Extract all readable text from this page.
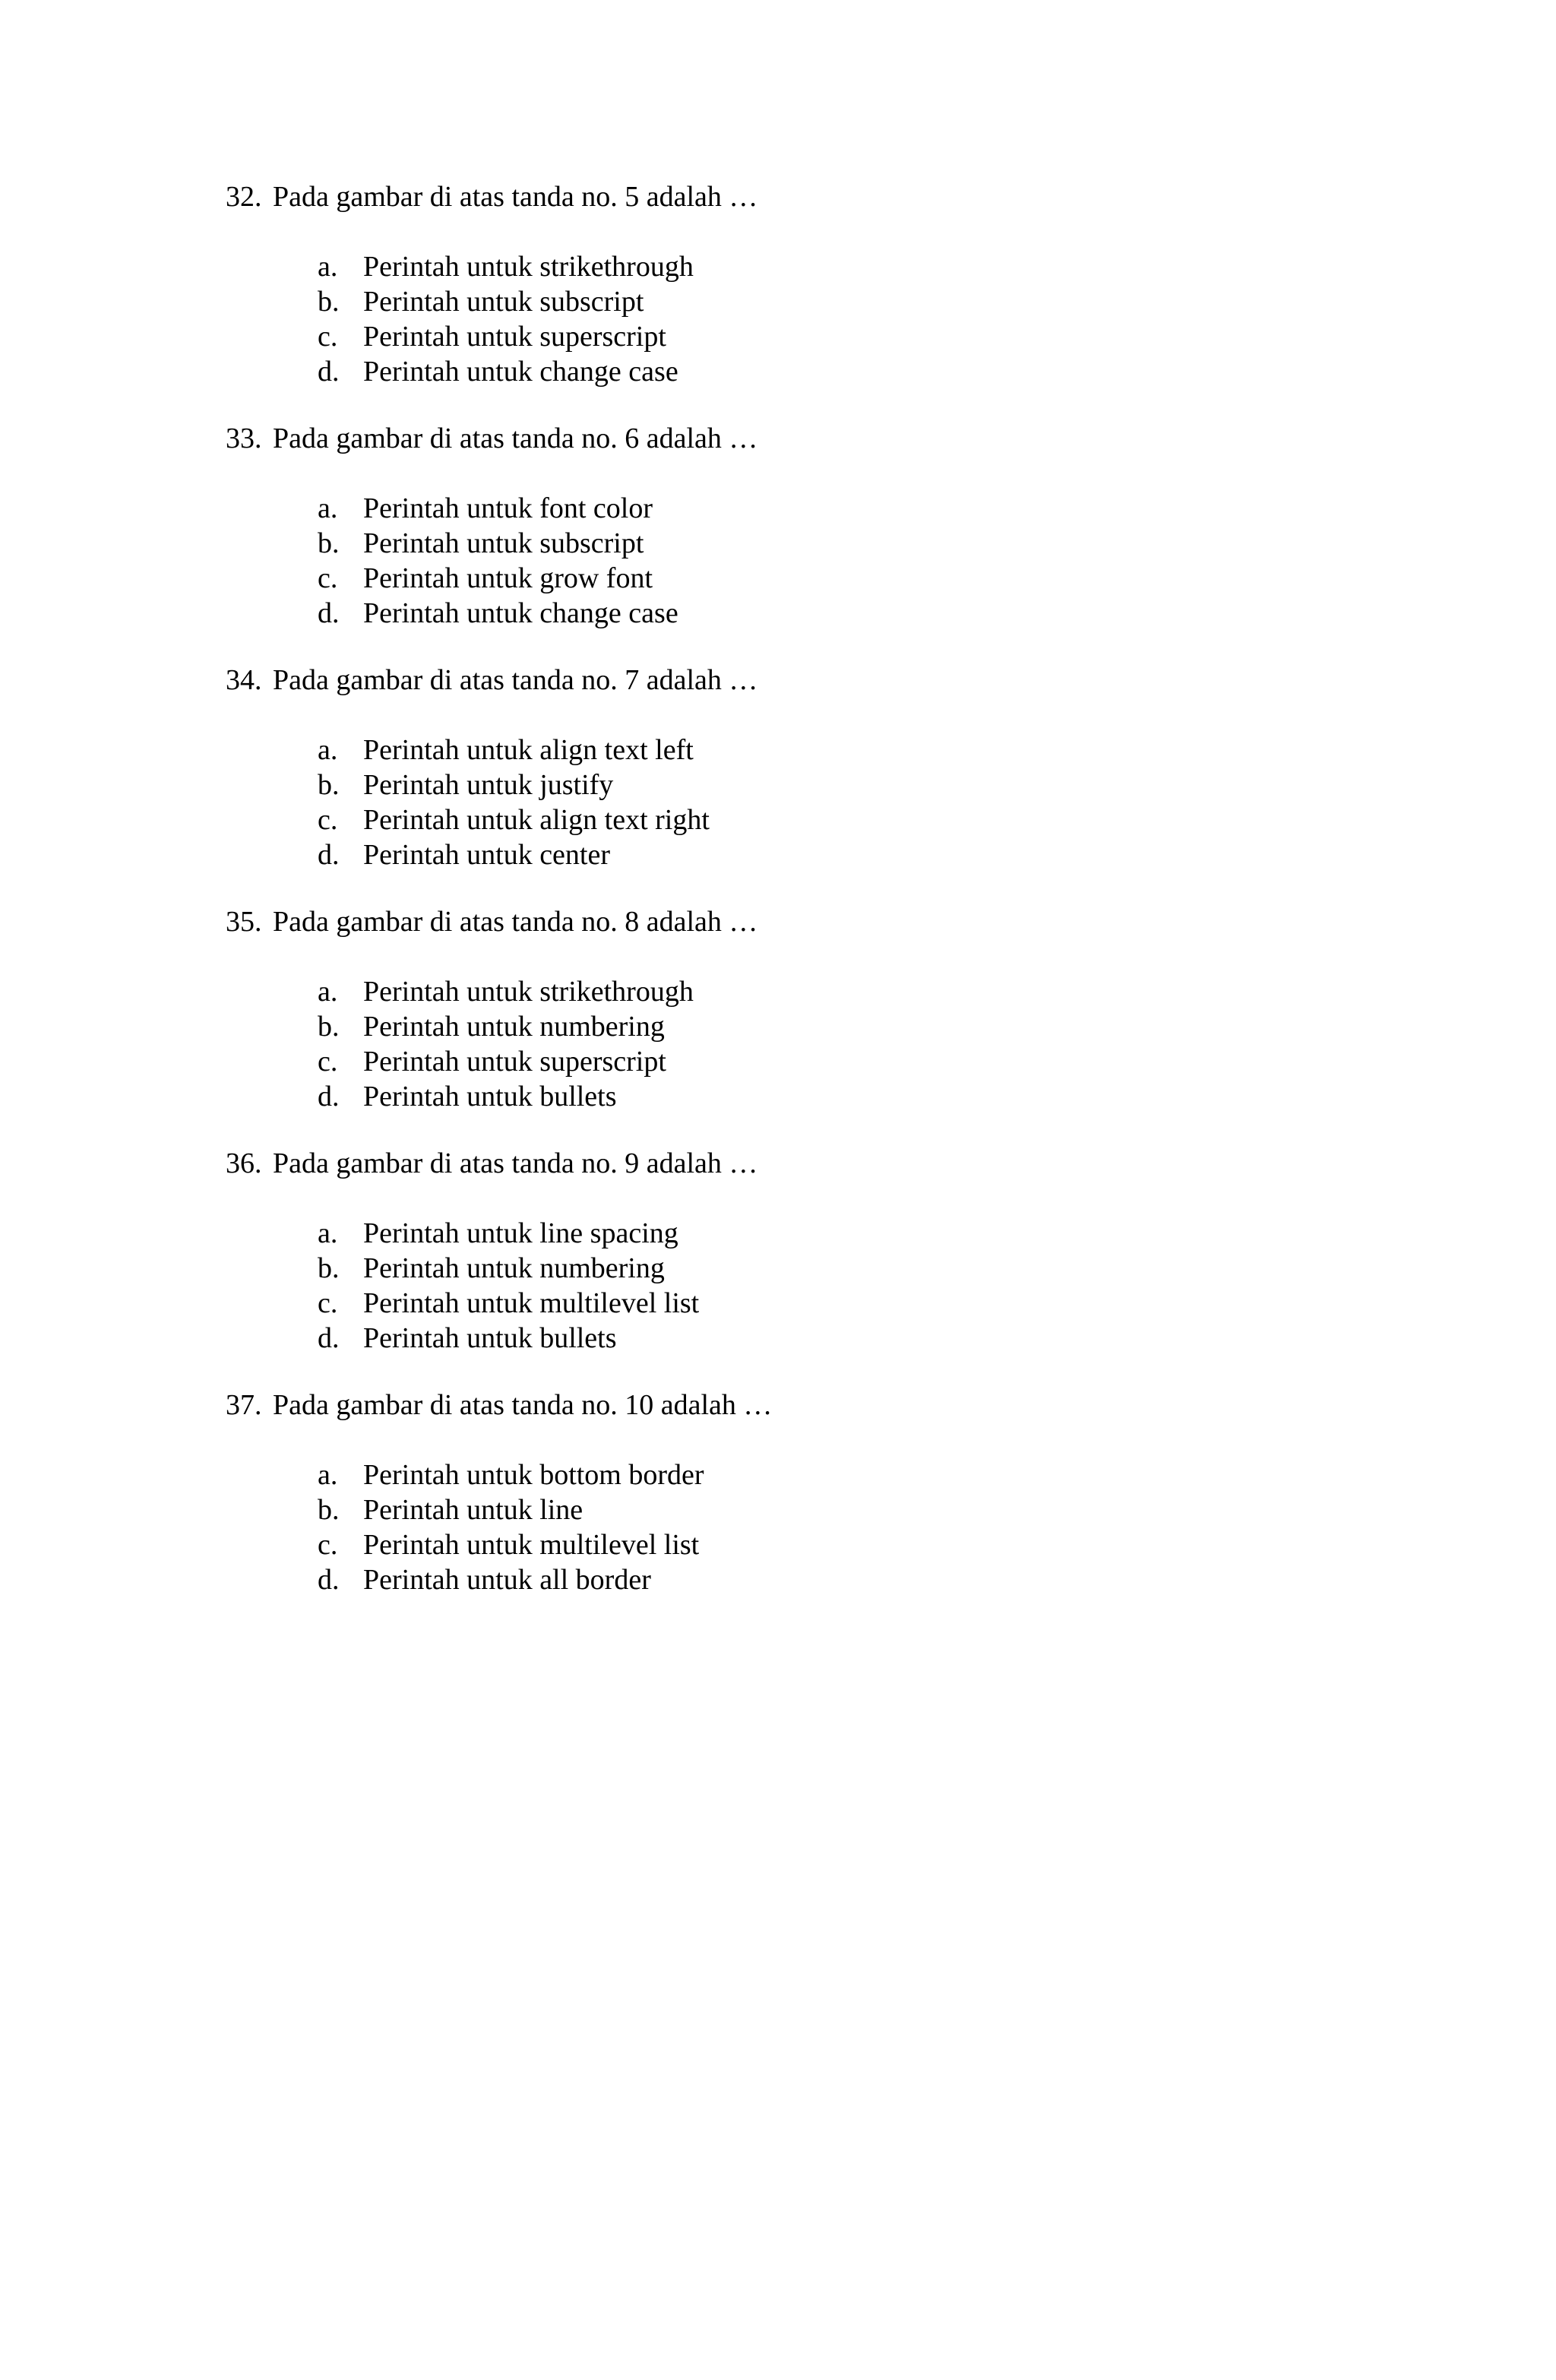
32. Pada gambar di atas tanda no. 5 adalah …
a. Perintah untuk strikethrough
b. Perintah untuk subscript
c. Perintah untuk superscript
d. Perintah untuk change case
33. Pada gambar di atas tanda no. 6 adalah …
a. Perintah untuk font color
b. Perintah untuk subscript
c. Perintah untuk grow font
d. Perintah untuk change case
34. Pada gambar di atas tanda no. 7 adalah …
a. Perintah untuk align text left
b. Perintah untuk justify
c. Perintah untuk align text right
d. Perintah untuk center
35. Pada gambar di atas tanda no. 8 adalah …
a. Perintah untuk strikethrough
b. Perintah untuk numbering
c. Perintah untuk superscript
d. Perintah untuk bullets
36. Pada gambar di atas tanda no. 9 adalah …
a. Perintah untuk line spacing
b. Perintah untuk numbering
c. Perintah untuk multilevel list
d. Perintah untuk bullets
37. Pada gambar di atas tanda no. 10 adalah …
a. Perintah untuk bottom border
b. Perintah untuk line
c. Perintah untuk multilevel list
d. Perintah untuk all border
